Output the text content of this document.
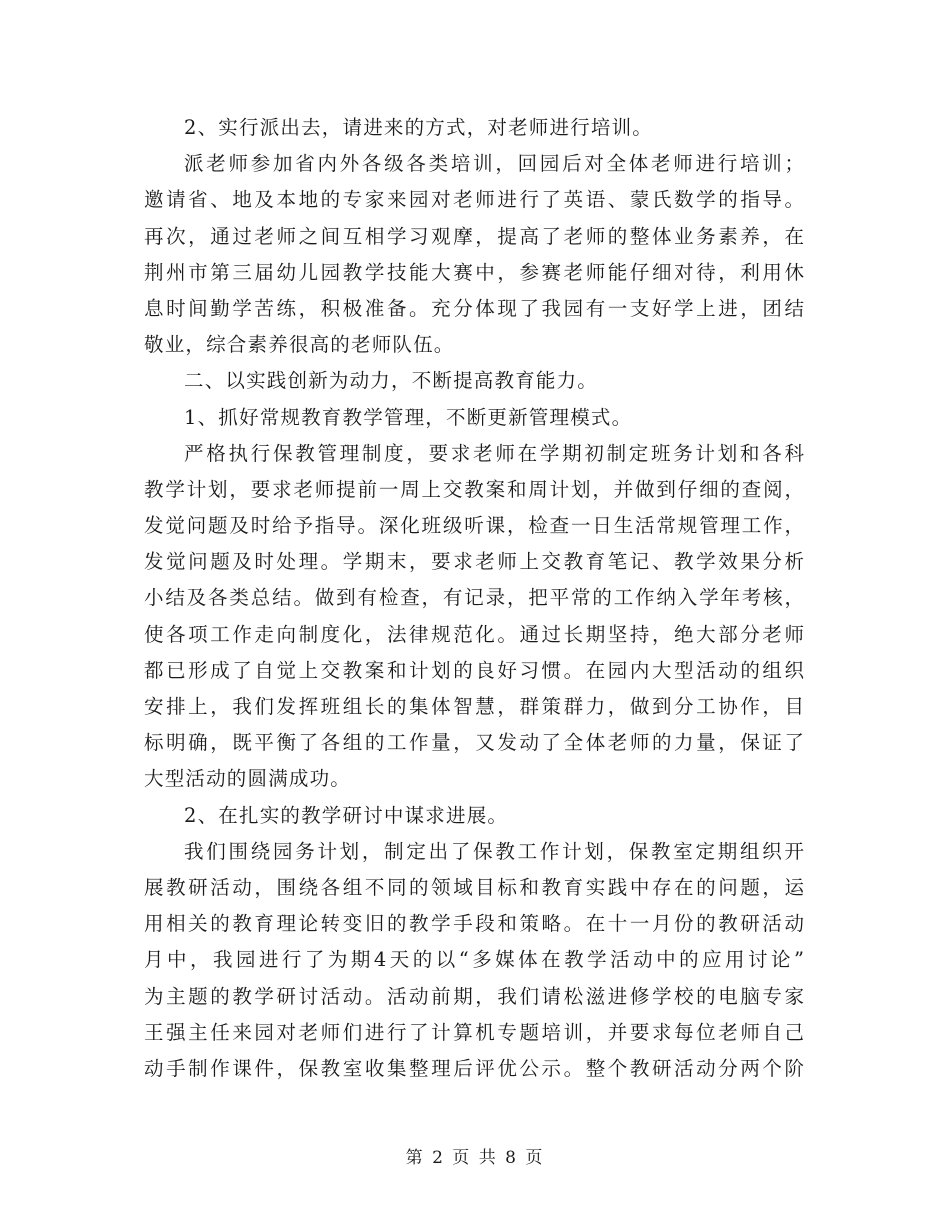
2、实行派出去，请进来的方式，对老师进行培训。
派老师参加省内外各级各类培训，回园后对全体老师进行培训；
邀请省、地及本地的专家来园对老师进行了英语、蒙氏数学的指导。
再次，通过老师之间互相学习观摩，提高了老师的整体业务素养，在
荆州市第三届幼儿园教学技能大赛中，参赛老师能仔细对待，利用休
息时间勤学苦练，积极准备。充分体现了我园有一支好学上进，团结
敬业，综合素养很高的老师队伍。
二、以实践创新为动力，不断提高教育能力。
1、抓好常规教育教学管理，不断更新管理模式。
严格执行保教管理制度，要求老师在学期初制定班务计划和各科
教学计划，要求老师提前一周上交教案和周计划，并做到仔细的查阅，
发觉问题及时给予指导。深化班级听课，检查一日生活常规管理工作，
发觉问题及时处理。学期末，要求老师上交教育笔记、教学效果分析
小结及各类总结。做到有检查，有记录，把平常的工作纳入学年考核，
使各项工作走向制度化，法律规范化。通过长期坚持，绝大部分老师
都已形成了自觉上交教案和计划的良好习惯。在园内大型活动的组织
安排上，我们发挥班组长的集体智慧，群策群力，做到分工协作，目
标明确，既平衡了各组的工作量，又发动了全体老师的力量，保证了
大型活动的圆满成功。
2、在扎实的教学研讨中谋求进展。
我们围绕园务计划，制定出了保教工作计划，保教室定期组织开
展教研活动，围绕各组不同的领域目标和教育实践中存在的问题，运
用相关的教育理论转变旧的教学手段和策略。在十一月份的教研活动
月中，我园进行了为期4天的以“多媒体在教学活动中的应用讨论”
为主题的教学研讨活动。活动前期，我们请松滋进修学校的电脑专家
王强主任来园对老师们进行了计算机专题培训，并要求每位老师自己
动手制作课件，保教室收集整理后评优公示。整个教研活动分两个阶
第 2 页 共 8 页
